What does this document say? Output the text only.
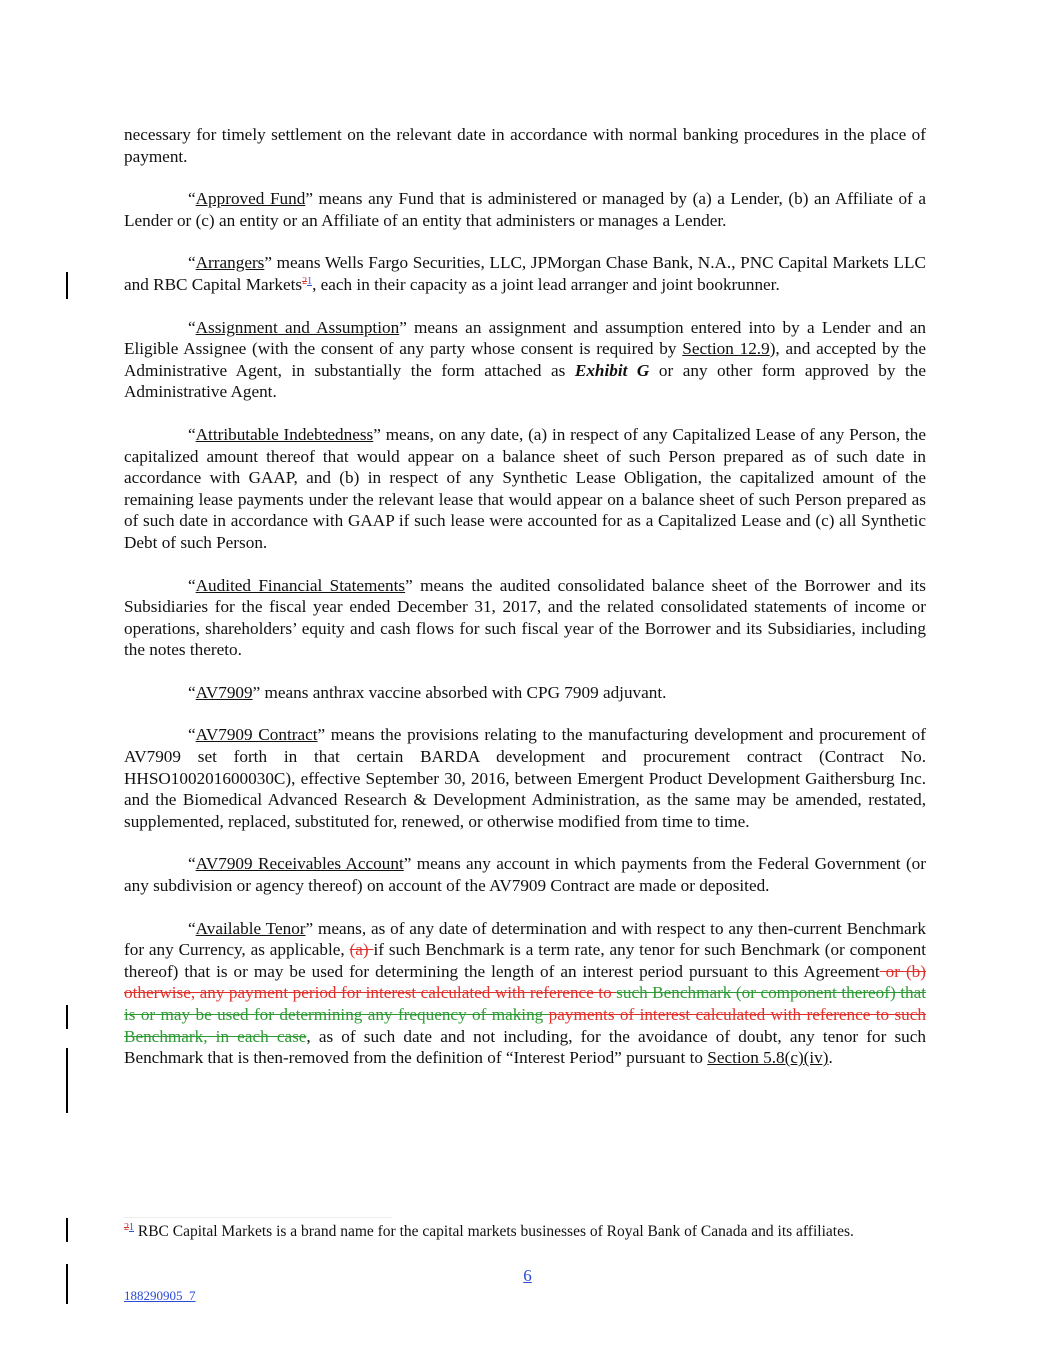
necessary for timely settlement on the relevant date in accordance with normal banking procedures in the place of payment.

“Approved Fund” means any Fund that is administered or managed by (a) a Lender, (b) an Affiliate of a Lender or (c) an entity or an Affiliate of an entity that administers or manages a Lender.

“Arrangers” means Wells Fargo Securities, LLC, JPMorgan Chase Bank, N.A., PNC Capital Markets LLC and RBC Capital Markets$^{21}$, each in their capacity as a joint lead arranger and joint bookrunner.

“Assignment and Assumption” means an assignment and assumption entered into by a Lender and an Eligible Assignee (with the consent of any party whose consent is required by Section 12.9), and accepted by the Administrative Agent, in substantially the form attached as Exhibit G or any other form approved by the Administrative Agent.

“Attributable Indebtedness” means, on any date, (a) in respect of any Capitalized Lease of any Person, the capitalized amount thereof that would appear on a balance sheet of such Person prepared as of such date in accordance with GAAP, and (b) in respect of any Synthetic Lease Obligation, the capitalized amount of the remaining lease payments under the relevant lease that would appear on a balance sheet of such Person prepared as of such date in accordance with GAAP if such lease were accounted for as a Capitalized Lease and (c) all Synthetic Debt of such Person.

“Audited Financial Statements” means the audited consolidated balance sheet of the Borrower and its Subsidiaries for the fiscal year ended December 31, 2017, and the related consolidated statements of income or operations, shareholders’ equity and cash flows for such fiscal year of the Borrower and its Subsidiaries, including the notes thereto.

“AV7909” means anthrax vaccine absorbed with CPG 7909 adjuvant.

“AV7909 Contract” means the provisions relating to the manufacturing development and procurement of AV7909 set forth in that certain BARDA development and procurement contract (Contract No. HHSO100201600030C), effective September 30, 2016, between Emergent Product Development Gaithersburg Inc. and the Biomedical Advanced Research & Development Administration, as the same may be amended, restated, supplemented, replaced, substituted for, renewed, or otherwise modified from time to time.

“AV7909 Receivables Account” means any account in which payments from the Federal Government (or any subdivision or agency thereof) on account of the AV7909 Contract are made or deposited.

“Available Tenor” means, as of any date of determination and with respect to any then-current Benchmark for any Currency, as applicable, (a) if such Benchmark is a term rate, any tenor for such Benchmark (or component thereof) that is or may be used for determining the length of an interest period pursuant to this Agreement or (b) otherwise, any payment period for interest calculated with reference to such Benchmark (or component thereof) that is or may be used for determining any frequency of making payments of interest calculated with reference to such Benchmark, in each case, as of such date and not including, for the avoidance of doubt, any tenor for such Benchmark that is then-removed from the definition of “Interest Period” pursuant to Section 5.8(c)(iv).

$^{21}$ RBC Capital Markets is a brand name for the capital markets businesses of Royal Bank of Canada and its affiliates.
6
188290905_7
